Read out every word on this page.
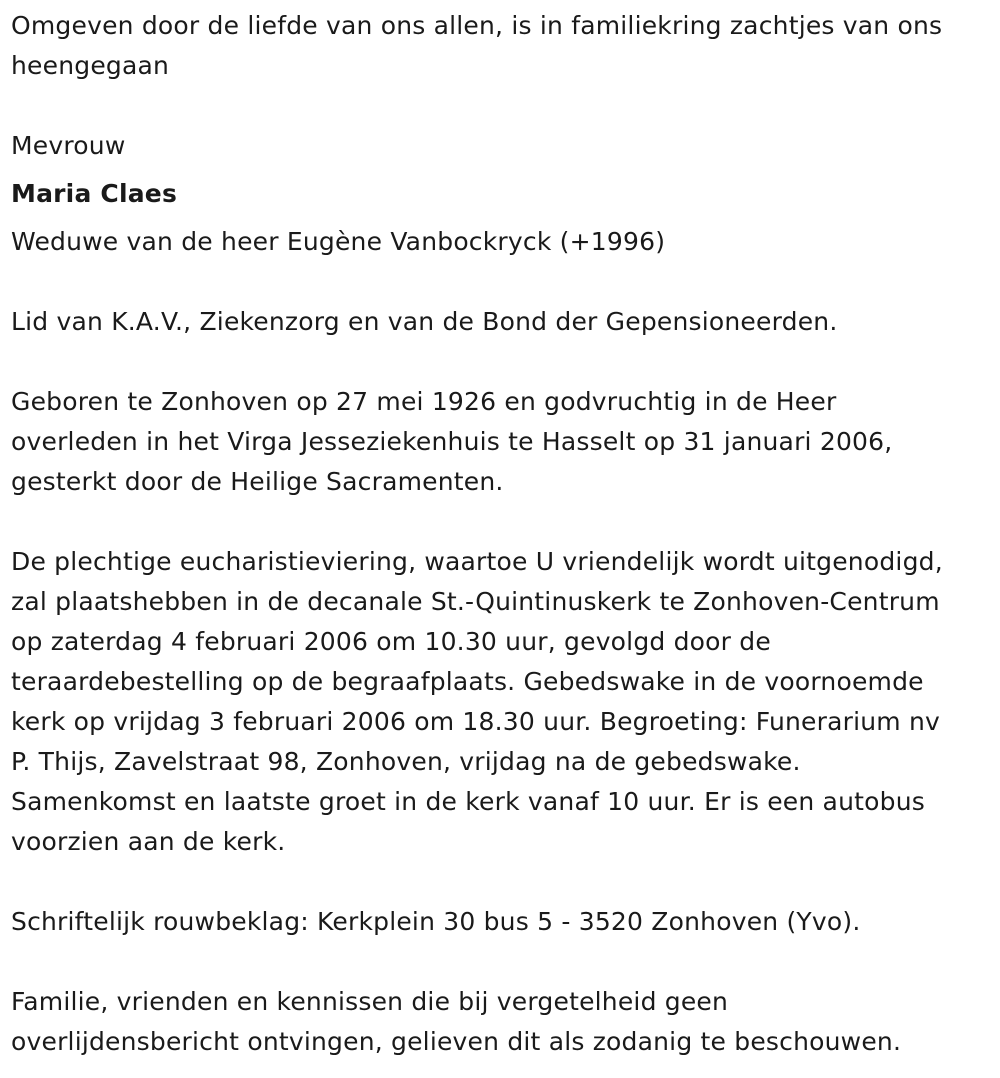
Omgeven door de liefde van ons allen, is in familiekring zachtjes van ons
heengegaan

Mevrouw

Maria Claes

Weduwe van de heer Eugène Vanbockryck (+1996)

Lid van K.A.V., Ziekenzorg en van de Bond der Gepensioneerden.

Geboren te Zonhoven op 27 mei 1926 en godvruchtig in de Heer
overleden in het Virga Jesseziekenhuis te Hasselt op 31 januari 2006,
gesterkt door de Heilige Sacramenten.

De plechtige eucharistieviering, waartoe U vriendelijk wordt uitgenodigd,
zal plaatshebben in de decanale St.-Quintinuskerk te Zonhoven-Centrum
op zaterdag 4 februari 2006 om 10.30 uur, gevolgd door de
teraardebestelling op de begraafplaats. Gebedswake in de voornoemde
kerk op vrijdag 3 februari 2006 om 18.30 uur. Begroeting: Funerarium nv
P. Thijs, Zavelstraat 98, Zonhoven, vrijdag na de gebedswake.
Samenkomst en laatste groet in de kerk vanaf 10 uur. Er is een autobus
voorzien aan de kerk.

Schriftelijk rouwbeklag: Kerkplein 30 bus 5 - 3520 Zonhoven (Yvo).

Familie, vrienden en kennissen die bij vergetelheid geen
overlijdensbericht ontvingen, gelieven dit als zodanig te beschouwen.
